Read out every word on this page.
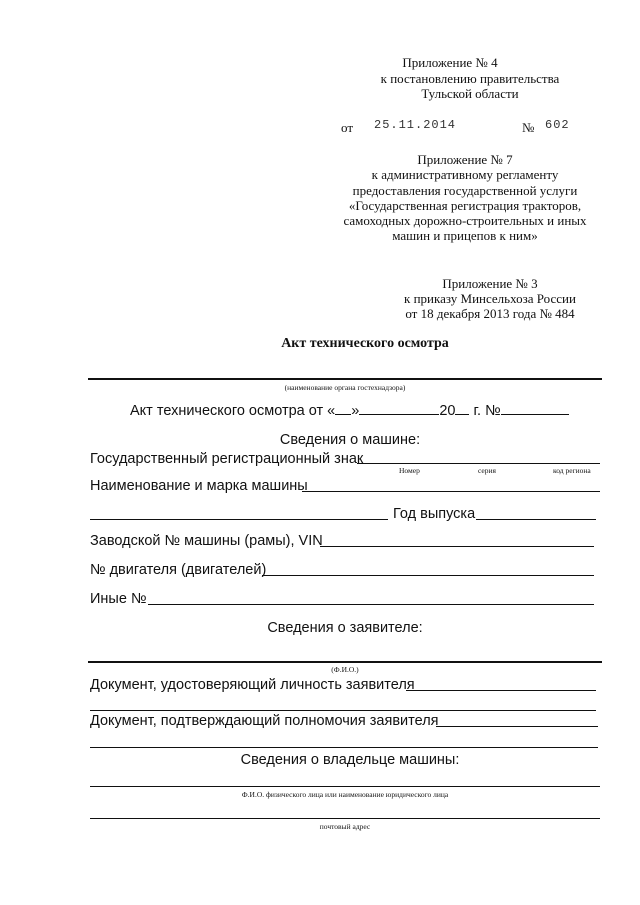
Приложение № 4
к постановлению правительства
Тульской области
от 25.11.2014	№ 602
Приложение № 7
к административному регламенту
предоставления государственной услуги
«Государственная регистрация тракторов,
самоходных дорожно-строительных и иных
машин и прицепов к ним»
Приложение № 3
к приказу Минсельхоза России
от 18 декабря 2013 года № 484
Акт технического осмотра
(наименование органа гостехнадзора)
Акт технического осмотра от « »	20 г. №
Сведения о машине:
Государственный регистрационный знак
Номер	серия	код региона
Наименование и марка машины
Год выпуска
Заводской № машины (рамы), VIN
№ двигателя (двигателей)
Иные №
Сведения о заявителе:
(Ф.И.О.)
Документ, удостоверяющий личность заявителя
Документ, подтверждающий полномочия заявителя
Сведения о владельце машины:
Ф.И.О. физического лица или наименование юридического лица
почтовый адрес
